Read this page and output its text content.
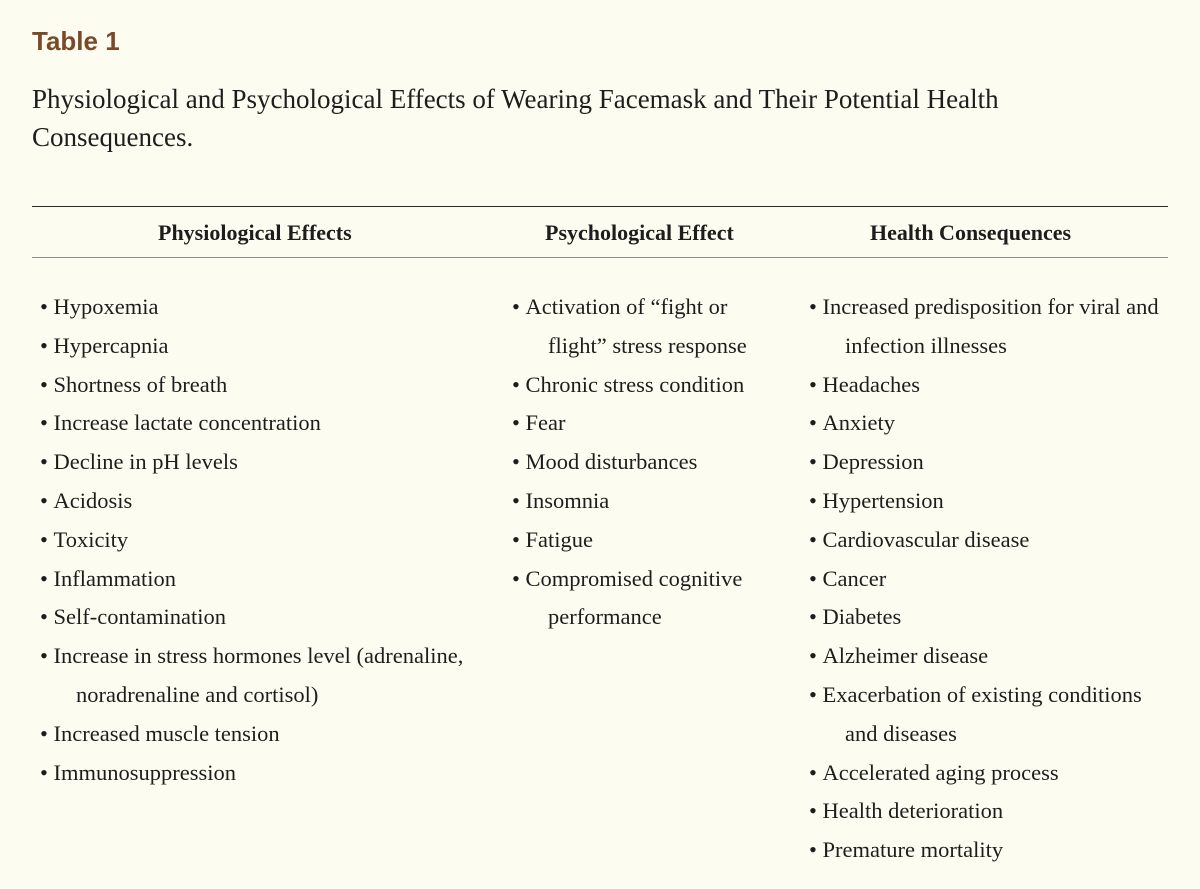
Table 1

Physiological and Psychological Effects of Wearing Facemask and Their Potential Health Consequences.

Physiological Effects	Psychological Effect	Health Consequences
• Hypoxemia
• Hypercapnia
• Shortness of breath
• Increase lactate concentration
• Decline in pH levels
• Acidosis
• Toxicity
• Inflammation
• Self-contamination
• Increase in stress hormones level (adrenaline, noradrenaline and cortisol)
• Increased muscle tension
• Immunosuppression
• Activation of “fight or flight” stress response
• Chronic stress condition
• Fear
• Mood disturbances
• Insomnia
• Fatigue
• Compromised cognitive performance
• Increased predisposition for viral and infection illnesses
• Headaches
• Anxiety
• Depression
• Hypertension
• Cardiovascular disease
• Cancer
• Diabetes
• Alzheimer disease
• Exacerbation of existing conditions and diseases
• Accelerated aging process
• Health deterioration
• Premature mortality
